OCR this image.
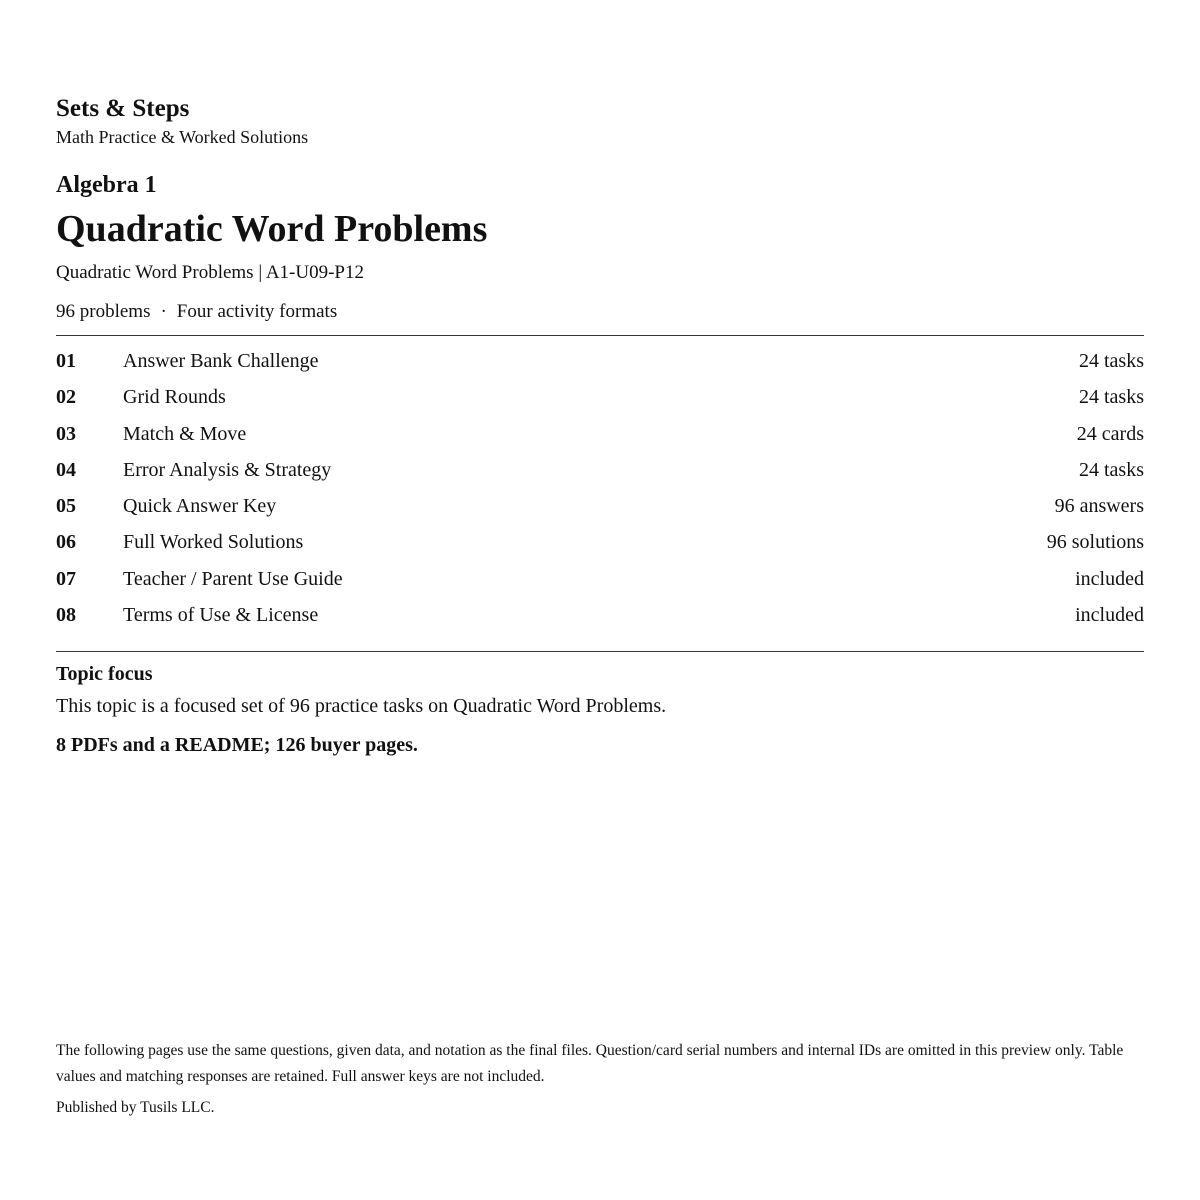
Sets & Steps
Math Practice & Worked Solutions
Algebra 1
Quadratic Word Problems
Quadratic Word Problems | A1-U09-P12
96 problems · Four activity formats
01 Answer Bank Challenge	24 tasks
02 Grid Rounds	24 tasks
03 Match & Move	24 cards
04 Error Analysis & Strategy	24 tasks
05 Quick Answer Key	96 answers
06 Full Worked Solutions	96 solutions
07 Teacher / Parent Use Guide	included
08 Terms of Use & License	included
Topic focus
This topic is a focused set of 96 practice tasks on Quadratic Word Problems.
8 PDFs and a README; 126 buyer pages.
The following pages use the same questions, given data, and notation as the final files. Question/card serial numbers and internal IDs are omitted in this preview only. Table values and matching responses are retained. Full answer keys are not included.
Published by Tusils LLC.
